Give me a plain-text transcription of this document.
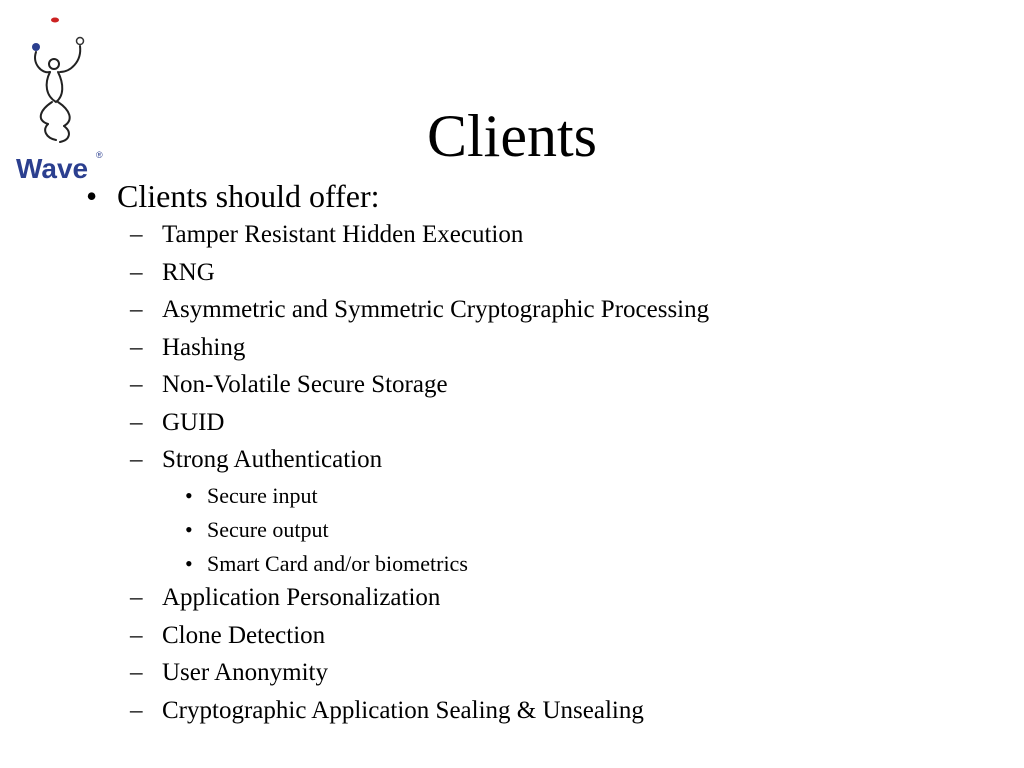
Wave ®	Clients
• Clients should offer:
– Tamper Resistant Hidden Execution
– RNG
– Asymmetric and Symmetric Cryptographic Processing
– Hashing
– Non-Volatile Secure Storage
– GUID
– Strong Authentication
• Secure input
• Secure output
• Smart Card and/or biometrics
– Application Personalization
– Clone Detection
– User Anonymity
– Cryptographic Application Sealing & Unsealing
